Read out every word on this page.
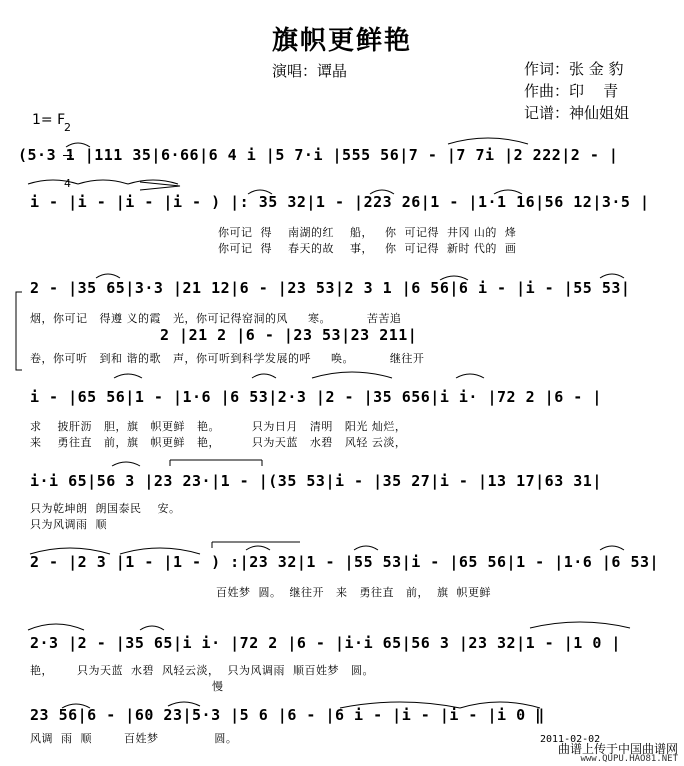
旗帜更鲜艳
演唱：谭晶	作词：张 金 豹
作曲：印    青
记谱：神仙姐姐
1= F

2

4

(5·3 1 |111 35|6·66|6 4 i |5 7·i |555 56|7 - |7 7i |2 222|2 - |
i - |i - |i - |i - ) |: 35 32|1 - |223 26|1 - |1·1 16|56 12|3·5 |
你可记  得    南湖的红    船，   你  可记得  井冈 山的  烽
你可记  得    春天的故    事，   你  可记得  新时 代的  画
2 - |35 65|3·3 |21 12|6 - |23 53|2 3 1 |6 56|6 i - |i - |55 53|
烟，你可记   得遵 义的霞   光，你可记得窑洞的风     寒。         苦苦追
2 |21 2 |6 - |23 53|23 211|
卷，你可听   到和 谐的歌   声，你可听到科学发展的呼     唤。         继往开
i - |65 56|1 - |1·6 |6 53|2·3 |2 - |35 656|i i· |72 2 |6 - |
求    披肝沥   胆，旗   帜更鲜   艳。        只为日月   清明   阳光 灿烂，
来    勇往直   前，旗   帜更鲜   艳，        只为天蓝   水碧   风轻 云淡，
i·i 65|56 3 |23 23·|1 - |(35 53|i - |35 27|i - |13 17|63 31|
只为乾坤朗  朗国泰民    安。
只为风调雨  顺
2 - |2 3 |1 - |1 - ) :|23 32|1 - |55 53|i - |65 56|1 - |1·6 |6 53|
百姓梦  圆。  继往开   来   勇往直   前，  旗  帜更鲜
2·3 |2 - |35 65|i i· |72 2 |6 - |i·i 65|56 3 |23 32|1 - |1 0 |
艳，      只为天蓝  水碧  风轻云淡，  只为风调雨  顺百姓梦   圆。
慢
23 56|6 - |60 23|5·3 |5 6 |6 - |6 i - |i - |i - |i 0 ‖
风调  雨  顺        百姓梦              圆。	2011-02-02
曲谱上传于中国曲谱网
www.QUPU.HAO81.NET
